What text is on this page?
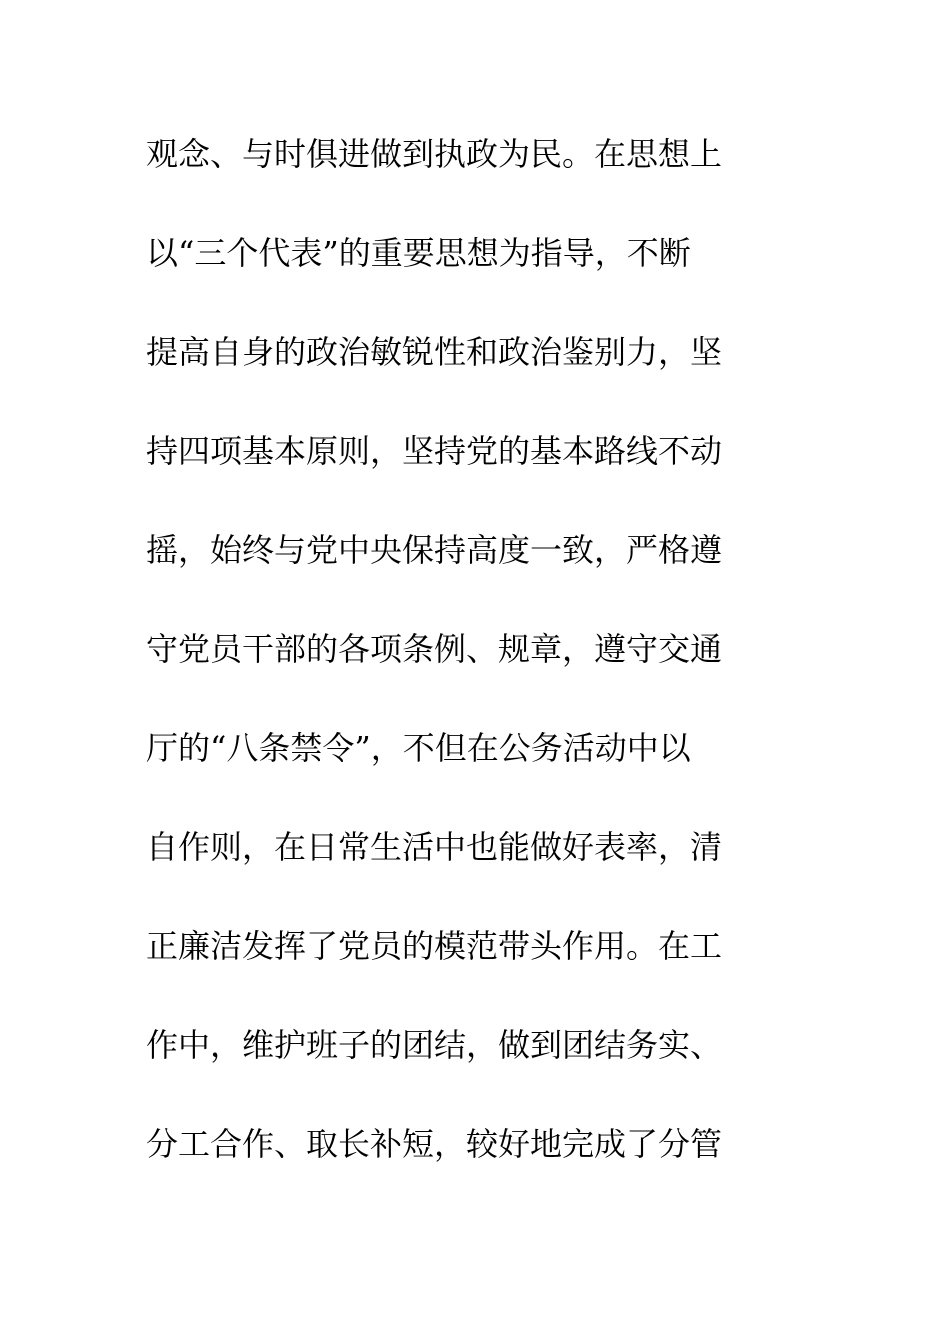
观念、与时俱进做到执政为民。在思想上
以“三个代表”的重要思想为指导，不断
提高自身的政治敏锐性和政治鉴别力，坚
持四项基本原则，坚持党的基本路线不动
摇，始终与党中央保持高度一致，严格遵
守党员干部的各项条例、规章，遵守交通
厅的“八条禁令”，不但在公务活动中以
自作则，在日常生活中也能做好表率，清
正廉洁发挥了党员的模范带头作用。在工
作中，维护班子的团结，做到团结务实、
分工合作、取长补短，较好地完成了分管
